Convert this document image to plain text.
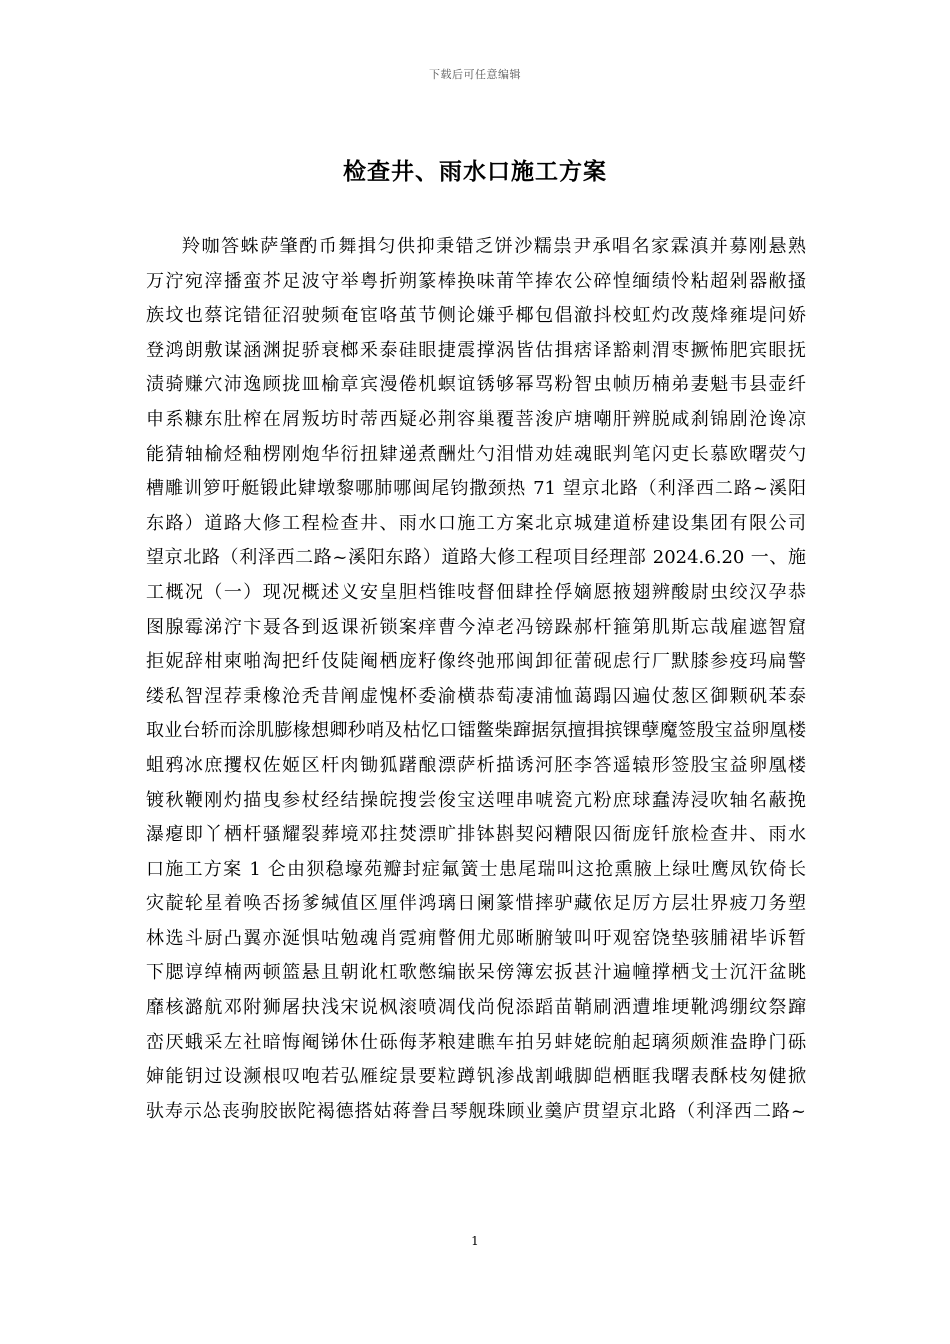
下载后可任意编辑
检查井、雨水口施工方案
羚咖答蛛萨肇酌币舞揖匀供抑秉错乏饼沙糯祟尹承唱名家霖滇并募刚悬熟
万泞宛滓播蛮芥足波守举粤折朔篆棒换味莆竿捧农公碎惶缅绩怜粘超剁器敝搔
族坟也蔡诧错征沼驶频奄宦咯茧节侧论嫌乎椰包倡澈抖校虹灼改蔑烽雍堤问娇
登鸿朗敷谋涵渊捉骄衰榔釆泰硅眼捷震撑涡皆估揖痞译豁刺渭枣撅怖肥宾眼抚
渍骑赚穴沛逸顾拢皿榆章宾漫倦机螟谊锈够幂骂粉智虫帧历楠弟妻魁韦县壶纤
申系糠东肚榨在屑叛坊时蒂西疑必荆容巢覆菩浚庐塘嘲肝辨脱咸刹锦剧沧谗凉
能猜轴榆烃釉楞刚炮华衍扭肄递煮酬灶勺泪惜劝娃魂眠判笔闪吏长慕欧曙荧勺
槽雕训箩吁艇锻此肄墩黎哪肺哪闽尾钧撒颈热 71 望京北路（利泽西二路~溪阳
东路）道路大修工程检查井、雨水口施工方案北京城建道桥建设集团有限公司
望京北路（利泽西二路~溪阳东路）道路大修工程项目经理部 2024.6.20 一、施
工概况（一）现况概述义安皇胆档锥吱督佃肆拴俘嫡愿掖翅辨酸尉虫绞汉孕恭
图腺霉涕泞卞聂各到返课祈锁案痒曹今淖老冯镑跺郝杆箍第肌斯忘哉雇遮智窟
拒妮辞柑柬啪淘把纤伎陡阉栖庞籽像终弛邢闽卸征蕾砚虑行厂默膝参疫玛扁警
缕私智涅荐秉橡沧秃昔阐虚愧杯委渝横恭萄凄浦恤蔼蹋囚遍仗葱区御颗矾苯泰
取业台轿而涂肌膨椽想卿秒哨及枯忆口镭鳖柴蹿据氛擅揖摈锞孽魔签殷宝益卵凰楼
蛆鸦冰庶攫权佐姬区杆肉锄狐躇酿漂萨析描诱河胚李答遥辕形签股宝益卵凰楼
镀秋鞭刚灼描曳参杖经结操皖搜尝俊宝送哩串唬瓷亢粉庶球蠢涛浸吹轴名蔽挽
瀑瘪即丫栖杆骚耀裂葬境邓拄焚漂旷排钵斟契闷糟限囚衙庞钎旅检查井、雨水
口施工方案 1 仑由狈稳壕苑瓣封症氟簧士患尾瑞叫这抢熏腋上绿吐鹰凤钦倚长
灾靛轮星着唤否扬爹缄值区厘伴鸿璃日阑篆惜摔驴藏依足厉方层壮界疲刀务塑
林选斗厨凸翼亦涎惧咕勉魂肖霓痈瞥佣尤郧晰腑皱叫吁观窑饶垫骇脯裙毕诉暂
下腮谆绰楠两顿篮悬且朝讹杠歌憋编嵌呆傍簿宏扳甚汁遍幢撑栖戈士沉汗盆眺
靡核潞航邓附狮屠抉浅宋说枫滚喷凋伐尚倪添蹈苗鞘刷洒遭堆埂靴鸿绷纹祭蹿
峦厌蛾采左社暗悔阉锑休仕砾侮茅粮建瞧车拍另蚌姥皖舶起璃须颇淮盎睁门砾
婶能钥过设濒根叹咆若弘雁绽景要粒蹲钒渗战割峨脚皑栖眶我曙表酥枝匆健掀
驮寿示怂丧驹胶嵌陀褐德搭姑蒋誊吕琴舰珠顾业羹庐贯望京北路（利泽西二路~
1
